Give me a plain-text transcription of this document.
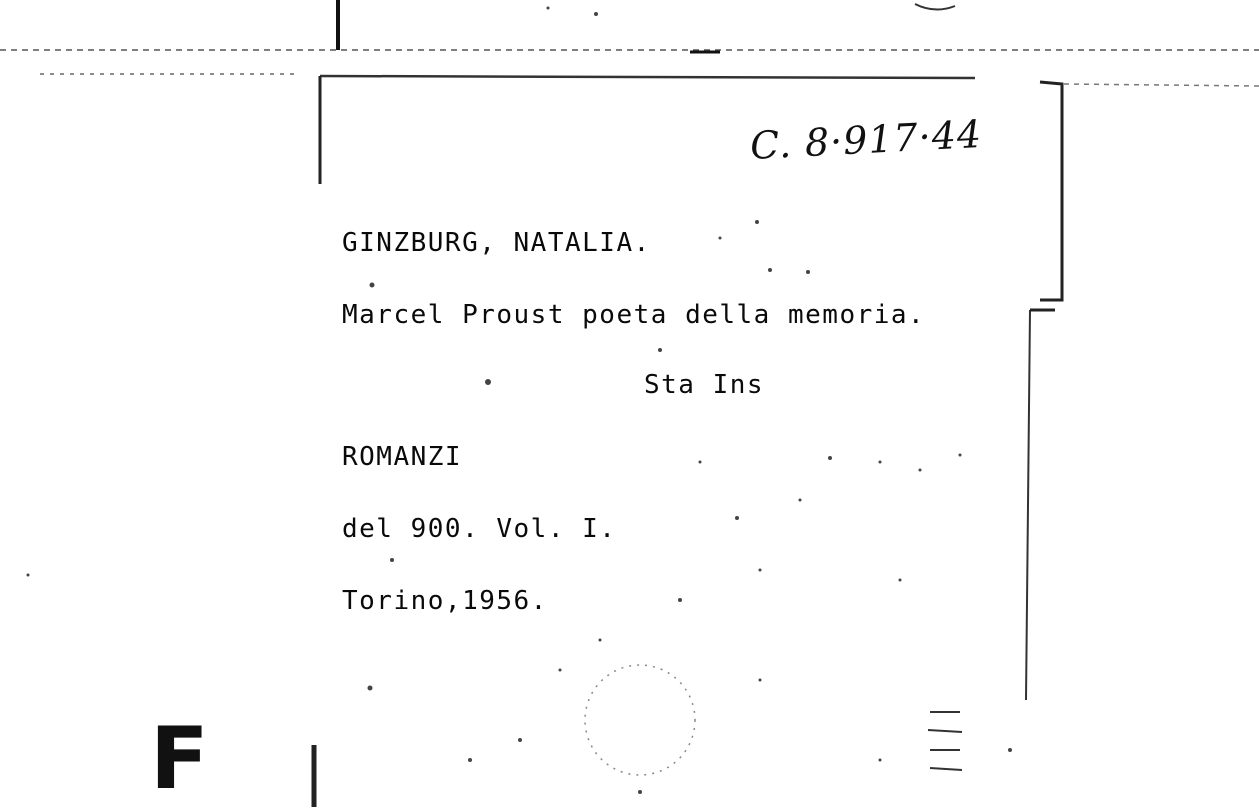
C. 8·917·44
GINZBURG, NATALIA.
Marcel Proust poeta della memoria.
Sta Ins
ROMANZI
del 900. Vol. I.
Torino,1956.
F
